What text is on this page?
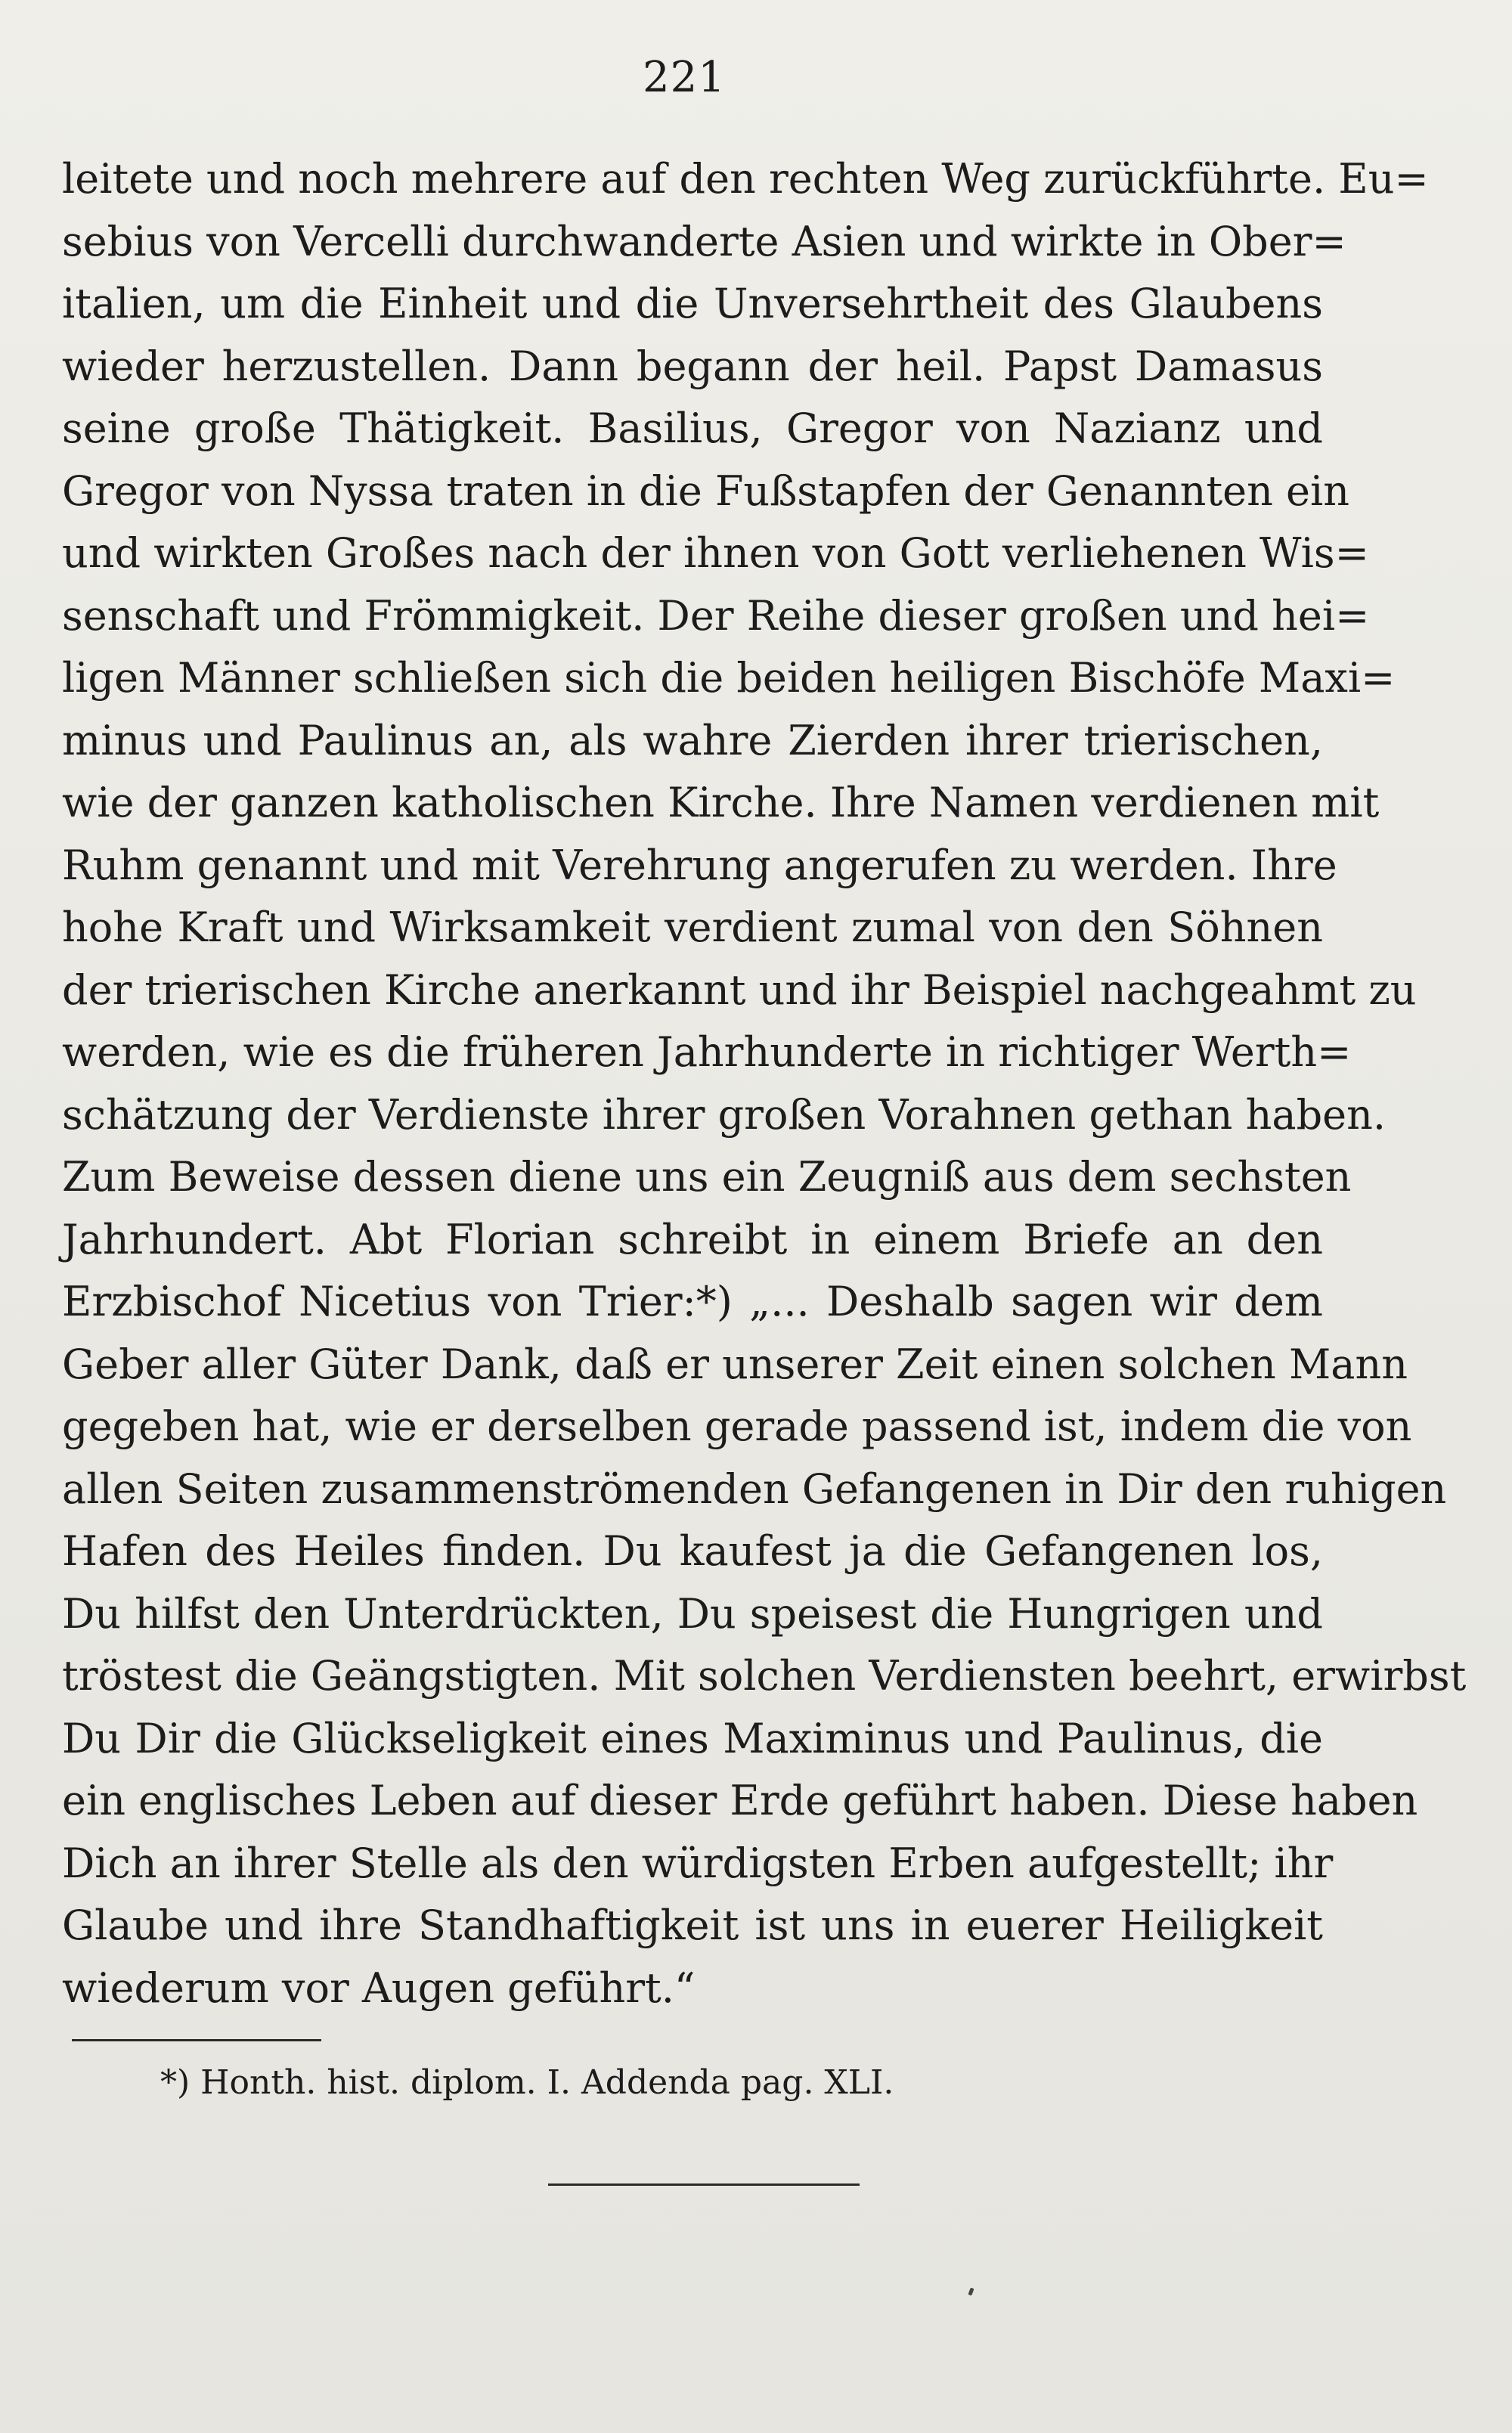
221
leitete und noch mehrere auf den rechten Weg zurückführte. Eu=
sebius von Vercelli durchwanderte Asien und wirkte in Ober=
italien, um die Einheit und die Unversehrtheit des Glaubens
wieder herzustellen. Dann begann der heil. Papst Damasus
seine große Thätigkeit. Basilius, Gregor von Nazianz und
Gregor von Nyssa traten in die Fußstapfen der Genannten ein
und wirkten Großes nach der ihnen von Gott verliehenen Wis=
senschaft und Frömmigkeit. Der Reihe dieser großen und hei=
ligen Männer schließen sich die beiden heiligen Bischöfe Maxi=
minus und Paulinus an, als wahre Zierden ihrer trierischen,
wie der ganzen katholischen Kirche. Ihre Namen verdienen mit
Ruhm genannt und mit Verehrung angerufen zu werden. Ihre
hohe Kraft und Wirksamkeit verdient zumal von den Söhnen
der trierischen Kirche anerkannt und ihr Beispiel nachgeahmt zu
werden, wie es die früheren Jahrhunderte in richtiger Werth=
schätzung der Verdienste ihrer großen Vorahnen gethan haben.
Zum Beweise dessen diene uns ein Zeugniß aus dem sechsten
Jahrhundert. Abt Florian schreibt in einem Briefe an den
Erzbischof Nicetius von Trier:*) „... Deshalb sagen wir dem
Geber aller Güter Dank, daß er unserer Zeit einen solchen Mann
gegeben hat, wie er derselben gerade passend ist, indem die von
allen Seiten zusammenströmenden Gefangenen in Dir den ruhigen
Hafen des Heiles finden. Du kaufest ja die Gefangenen los,
Du hilfst den Unterdrückten, Du speisest die Hungrigen und
tröstest die Geängstigten. Mit solchen Verdiensten beehrt, erwirbst
Du Dir die Glückseligkeit eines Maximinus und Paulinus, die
ein englisches Leben auf dieser Erde geführt haben. Diese haben
Dich an ihrer Stelle als den würdigsten Erben aufgestellt; ihr
Glaube und ihre Standhaftigkeit ist uns in euerer Heiligkeit
wiederum vor Augen geführt.“
*) Honth. hist. diplom. I. Addenda pag. XLI.
